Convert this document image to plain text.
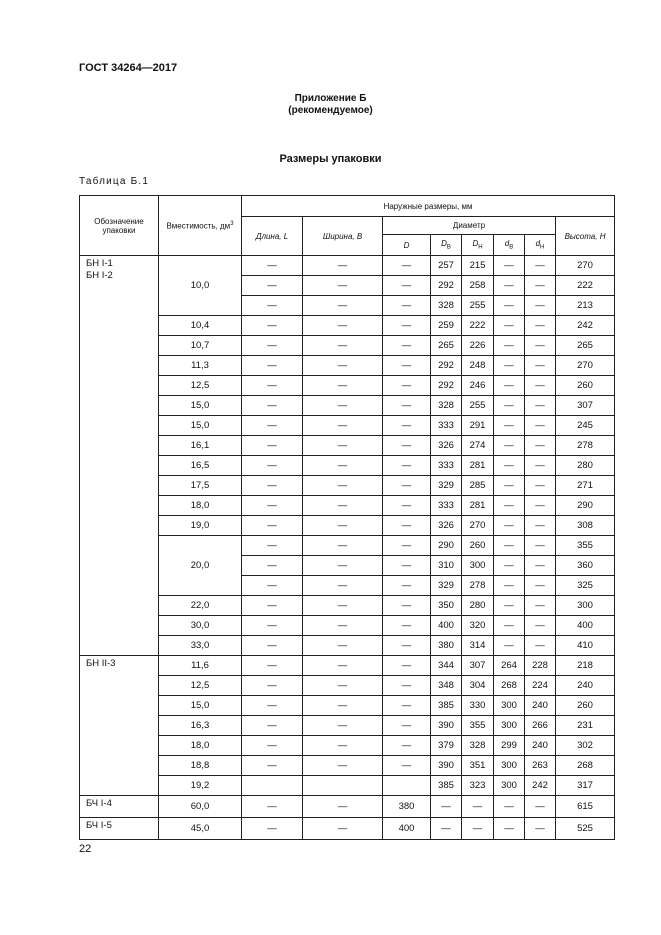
ГОСТ 34264—2017
Приложение Б
(рекомендуемое)
Размеры упаковки
Таблица Б.1
Обозначение упаковки	Вместимость, $дм^3$	Наружные размеры, мм							
		Длина, L	Ширина, B	Диаметр					Высота, H
				D	$D_В$	$D_Н$	$d_В$	$d_Н$

БН I-1
БН I-2	10,0	—	—	—	257	215	—	—	270
		—	—	—	292	258	—	—	222
		—	—	—	328	255	—	—	213
	10,4	—	—	—	259	222	—	—	242
	10,7	—	—	—	265	226	—	—	265
	11,3	—	—	—	292	248	—	—	270
	12,5	—	—	—	292	246	—	—	260
	15,0	—	—	—	328	255	—	—	307
	15,0	—	—	—	333	291	—	—	245
	16,1	—	—	—	326	274	—	—	278
	16,5	—	—	—	333	281	—	—	280
	17,5	—	—	—	329	285	—	—	271
	18,0	—	—	—	333	281	—	—	290
	19,0	—	—	—	326	270	—	—	308
	20,0	—	—	—	290	260	—	—	355
		—	—	—	310	300	—	—	360
		—	—	—	329	278	—	—	325
	22,0	—	—	—	350	280	—	—	300
	30,0	—	—	—	400	320	—	—	400
	33,0	—	—	—	380	314	—	—	410

БН II-3	11,6	—	—	—	344	307	264	228	218
	12,5	—	—	—	348	304	268	224	240
	15,0	—	—	—	385	330	300	240	260
	16,3	—	—	—	390	355	300	266	231
	18,0	—	—	—	379	328	299	240	302
	18,8	—	—	—	390	351	300	263	268
	19,2				385	323	300	242	317

БЧ I-4	60,0	—	—	380	—	—	—	—	615

БЧ I-5	45,0	—	—	400	—	—	—	—	525
22
